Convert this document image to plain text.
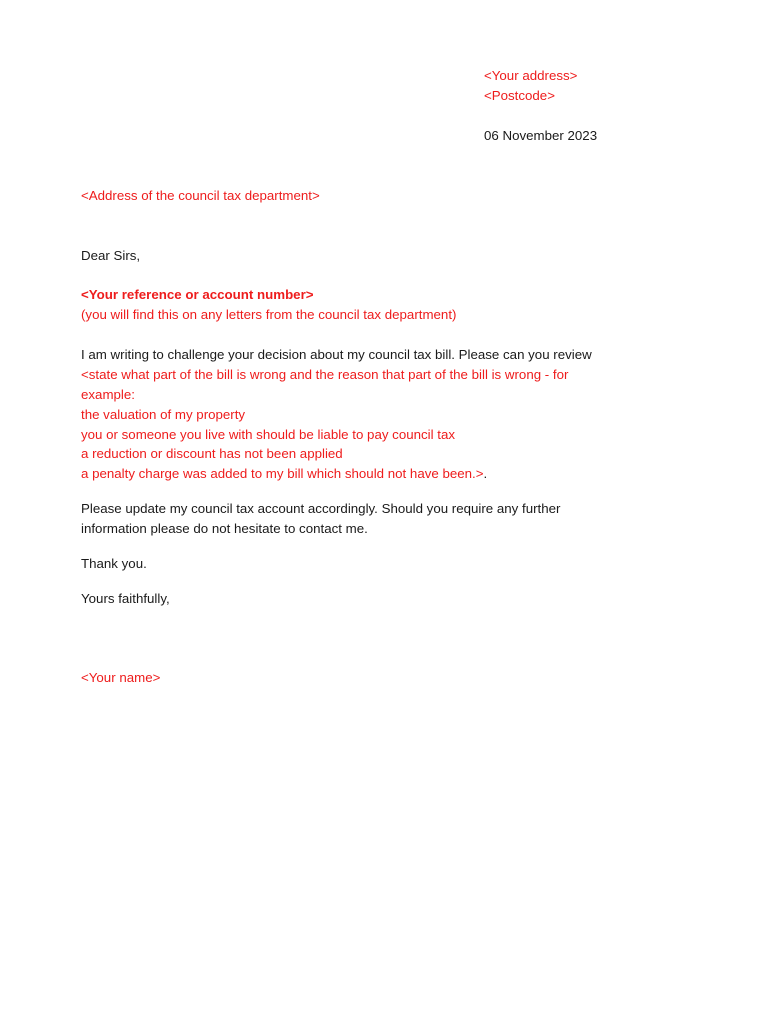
<Your address>
<Postcode>
06 November 2023
<Address of the council tax department>
Dear Sirs,
<Your reference or account number>
(you will find this on any letters from the council tax department)
I am writing to challenge your decision about my council tax bill. Please can you review
<state what part of the bill is wrong and the reason that part of the bill is wrong - for
example:
the valuation of my property
you or someone you live with should be liable to pay council tax
a reduction or discount has not been applied
a penalty charge was added to my bill which should not have been.>.
Please update my council tax account accordingly. Should you require any further
information please do not hesitate to contact me.
Thank you.
Yours faithfully,
<Your name>
